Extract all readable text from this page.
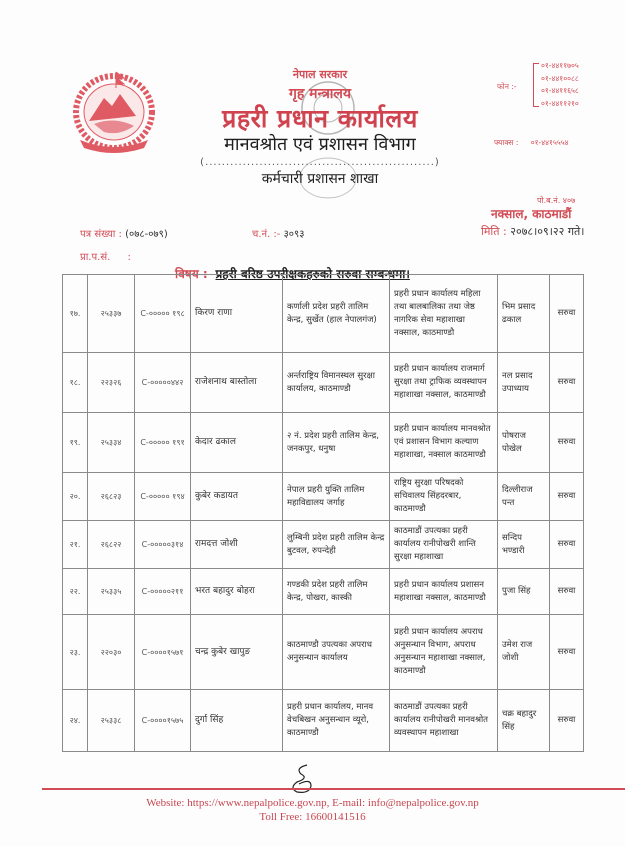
नेपाल सरकार
गृह मन्त्रालय
प्रहरी प्रधान कार्यालय
मानवश्रोत एवं प्रशासन विभाग
(.......................................................)
कर्मचारी प्रशासन शाखा
फोन :-
०१-४४११७०५
०१-४४१००८८
०१-४४११६५८
०१-४४११२१०
फ्याक्स : ०१-४४१५५५४
पो.ब.नं. ४०७
नक्साल, काठमाडौं
पत्र संख्या : (०७८-०७९)	च.नं. :- ३०९३	मिति : २०७८।०९।२२ गते।
प्रा.प.सं. :
विषय : प्रहरी बरिष्ठ उपरीक्षकहरुको सरुवा सम्बन्धमा।
१७.	२५३३७	C-००००० १९८	किरण राणा	कर्णाली प्रदेश प्रहरी तालिम केन्द्र, सुर्खेत (हाल नेपालगंज)	प्रहरी प्रधान कार्यालय महिला तथा बालबालिका तथा जेष्ठ नागरिक सेवा महाशाखा नक्साल, काठमाण्डौ	भिम प्रसाद ढकाल	सरुवा
१८.	२२३२६	C-०००००४४२	राजेशनाथ बास्तोला	अर्न्तराष्ट्रिय विमानस्थल सुरक्षा कार्यालय, काठमाण्डौ	प्रहरी प्रधान कार्यालय राजमार्ग सुरक्षा तथा ट्राफिक व्यवस्थापन महाशाखा नक्साल, काठमाण्डौ	नल प्रसाद उपाध्याय	सरुवा
१९.	२५३३४	C-००००० १९१	केदार ढकाल	२ नं. प्रदेश प्रहरी तालिम केन्द्र, जनकपुर, धनुषा	प्रहरी प्रधान कार्यालय मानवश्रोत एवं प्रशासन विभाग कल्याण महाशाखा, नक्साल काठमाण्डौ	पोषराज पोखेल	सरुवा
२०.	२६८२३	C-००००० १९४	कुबेर कडायत	नेपाल प्रहरी युक्ति तालिम महाविद्यालय जर्गाह	राष्ट्रिय सुरक्षा परिषदको सचिवालय सिंहदरबार, काठमाण्डौ	दिल्लीराज पन्त	सरुवा
२१.	२६८२२	C-०००००३१४	रामदत्त जोशी	लुम्बिनी प्रदेश प्रहरी तालिम केन्द्र बुटवल, रुपन्देही	काठमाडौं उपत्यका प्रहरी कार्यालय रानीपोखरी शान्ति सुरक्षा महाशाखा	सन्दिप भण्डारी	सरुवा
२२.	२५३३५	C-०००००२११	भरत बहादुर बोहरा	गण्डकी प्रदेश प्रहरी तालिम केन्द्र, पोखरा, कास्की	प्रहरी प्रधान कार्यालय प्रशासन महाशाखा नक्साल, काठमाण्डौ	पुजा सिंह	सरुवा
२३.	२२०३०	C-००००१५७१	चन्द्र कुबेर खापुङ	काठमाण्डौ उपत्यका अपराध अनुसन्धान कार्यालय	प्रहरी प्रधान कार्यालय अपराध अनुसन्धान विभाग, अपराध अनुसन्धान महाशाखा नक्साल, काठमाण्डौ	उमेश राज जोशी	सरुवा
२४.	२५३३८	C-००००१५७५	दुर्गा सिंह	प्रहरी प्रधान कार्यालय, मानव वेचबिखन अनुसन्धान व्यूरो, काठमाण्डौ	काठमाडौं उपत्यका प्रहरी कार्यालय रानीपोखरी मानवश्रोत व्यवस्थापन महाशाखा	चक्र बहादुर सिंह	सरुवा
Website: https://www.nepalpolice.gov.np, E-mail: info@nepalpolice.gov.np
Toll Free: 16600141516
